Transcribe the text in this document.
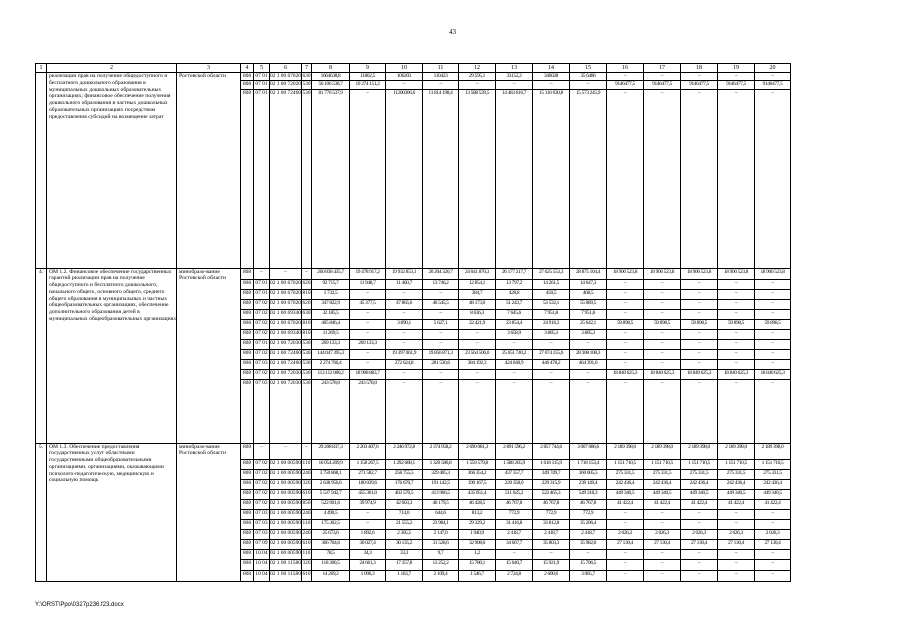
43
1	2	3	4	5	6	7	8	9	10	11	12	13	14	15	16	17	18	19	20
	реализации прав на получение общедоступного и бесплатного дошкольного образования в муниципальных дошкольных образовательных организациях; финансовое обеспечение получения дошкольного образования в частных дошкольных образовательных организациях посредством предоставления субсидий на возмещение затрат	Ростовской области	808	07 01	02 1 00 67020	630	1664638,8	11802,5	106203	110423	29 595,1	33152,2	346028	35 6486	–	–	–	–	–
			808	07 01	02 1 00 72020	530	56 106 538,7	10 374 151,2	–	–	–	–	–	–	9146477,5	9146477,5	9146477,5	9146477,5	9146477,5
			808	07 01	02 1 00 72460	530	81 776 537,9	–	11200306,6	11 814 198,4	13 588 539,5	14 483 616,7	15 116 630,8	15 573 245,9	–	–	–	–	–
4.	ОМ 1.2. Финансовое обеспечение государственных гарантий реализации прав на получение общедоступного и бесплатного дошкольного, начального общего, основного общего, среднего общего образования в муниципальных и частных общеобразовательных организациях, обеспечение дополнительного образования детей в муниципальных общеобразовательных организациях	минобразо-вание Ростовской области	808	–	–	–	260 838 435,7	19 478 917,2	19 932 853,1	20 204 320,7	24 041 870,3	26 177 217,7	27 625 553,3	28 875 104,4	18 900 523,8	18 900 523,8	18 900 523,8	18 900 523,8	18 900 523,8
			808	07 01	02 1 00 67020	620	92 715,7	11 948,7	11 460,7	13 746,2	12 854,1	13 797,2	14 261,5	14 647,3	–	–	–	–	–
			808	07 01	02 1 00 67020	810	1 732,5	–	–	–	384,7	428,8	450,5	468,5	–	–	–	–	–
			808	07 02	02 1 00 67020	620	347 822,9	45 377,5	47 865,6	46 545,5	48 173,0	51 243,7	53 532,1	55 089,5	–	–	–	–	–
			808	07 02	02 1 00 69340	630	32 185,5	–	–	–	8 636,3	7 645,6	7 951,8	7 951,8	–	–	–	–	–
			808	07 02	02 1 00 67020	810	405 846,4	–	3 890,1	5 627,1	22 421,9	23 854,4	24 918,3	25 642,1	59 898,5	59 898,5	59 898,5	59 898,5	59 898,5
			808	07 02	02 1 00 69340	810	11 269,5	–	–	–	–	3 658,9	3 805,3	3 805,3	–	–	–	–	–
			808	07 01	02 1 00 72030	530	269 133,3	269 133,3	–	–	–	–	–	–	–	–	–	–	–
			808	07 02	02 1 00 72460	530	144 047 395,3	–	19 397 061,9	19 856 871,3	23 564 506,0	25 651 740,2	27 074 155,6	28 308 108,3	–	–	–	–	–
			808	07 03	02 1 00 72460	530	2 274 766,4	–	272 624,8	281 530,6	384 192,3	424 848,9	446 478,2	464 391,6	–	–	–	–	–
			808	07 02	02 1 00 72030	530	113 112 080,2	18 908 883,7	–	–	–	–	–	–	18 840 625,3	18 840 625,3	18 840 625,3	18 840 625,3	18 840 625,3
			808	07 03	02 1 00 72030	530	243 578,0	243 578,0	–	–	–	–	–	–	–	–	–	–	–
5.	ОМ 1.3. Обеспечение предоставления государственных услуг областными государственными общеобразовательными организациями, организациями, оказывающими психолого-педагогическую, медицинскую и социальную помощь	минобразо-вание Ростовской области	808	–	–	–	29 208 837,3	2 203 407,6	2 246 972,8	2 374 958,2	2 690 081,3	2 891 596,2	2 857 744,6	3 007 086,6	2 189 398,0	2 189 398,0	2 189 398,0	2 189 398,0	2 189 398,0
			808	07 02	02 1 00 00590	110	16 054 209,9	1 158 267,5	1 292 668,1	1 320 586,8	1 559 579,8	1 588 265,9	1 618 115,9	1 718 153,4	1 151 710,5	1 151 710,5	1 151 710,5	1 151 710,5	1 151 710,5
			808	07 02	02 1 00 00590	240	3 750 868,1	271 582,7	258 755,5	329 405,3	366 354,2	437 557,7	349 749,7	360 605,5	275 331,5	275 331,5	275 331,5	275 331,5	275 331,5
			808	07 02	02 1 00 00590	320	2 638 956,6	180 039,6	176 670,7	191 142,5	190 167,5	220 358,0	229 315,9	239 149,4	242 436,4	242 436,4	242 436,4	242 436,4	242 436,4
			808	07 02	02 1 00 00590	610	5 537 942,7	455 361,0	403 570,5	413 966,5	435 051,4	511 025,2	522 465,3	549 318,3	449 340,5	449 340,5	449 340,5	449 340,5	449 340,5
			808	07 02	02 1 00 00590	850	522 001,6	39 974,9	42 003,3	46 179,5	46 428,5	46 767,8	46 767,8	46 767,8	41 422,4	41 422,4	41 422,4	41 422,4	41 422,4
			808	07 03	02 1 00 00590	240	4 490,5	–	714,0	644,6	813,2	772,9	772,9	772,9	–	–	–	–	–
			808	07 03	02 1 00 00590	110	175 302,5	–	21 555,2	23 984,1	29 329,2	31 416,8	33 812,8	35 206,4	–	–	–	–	–
			808	07 03	02 1 00 00590	240	25 673,6	1 892,6	2 305,5	2 147,0	1 940,9	2 418,7	2 418,7	2 418,7	2 026,3	2 026,3	2 026,3	2 026,3	2 026,3
			808	07 09	02 1 00 00590	610	366 704,6	30 027,4	30 135,2	31 528,6	32 908,6	34 667,7	35 803,3	35 982,0	27 130,4	27 130,4	27 130,4	27 130,4	27 130,4
			808	10 04	02 1 00 00590	110	78,5	34,3	33,3	9,7	1,2	–	–	–	–	–	–	–	–
			808	10 04	02 1 00 11580	320	118 300,5	24 661,3	17 357,8	13 252,2	15 780,1	15 640,7	15 921,9	15 706,5	–	–	–	–	–
			808	10 04	02 1 00 11580	610	14 269,2	1 096,3	1 183,7	2 109,4	1 546,7	2 724,8	2 600,6	3 005,7	–	–	–	–	–
Y:\ORST\Ppo\0327p236.f23.docx
